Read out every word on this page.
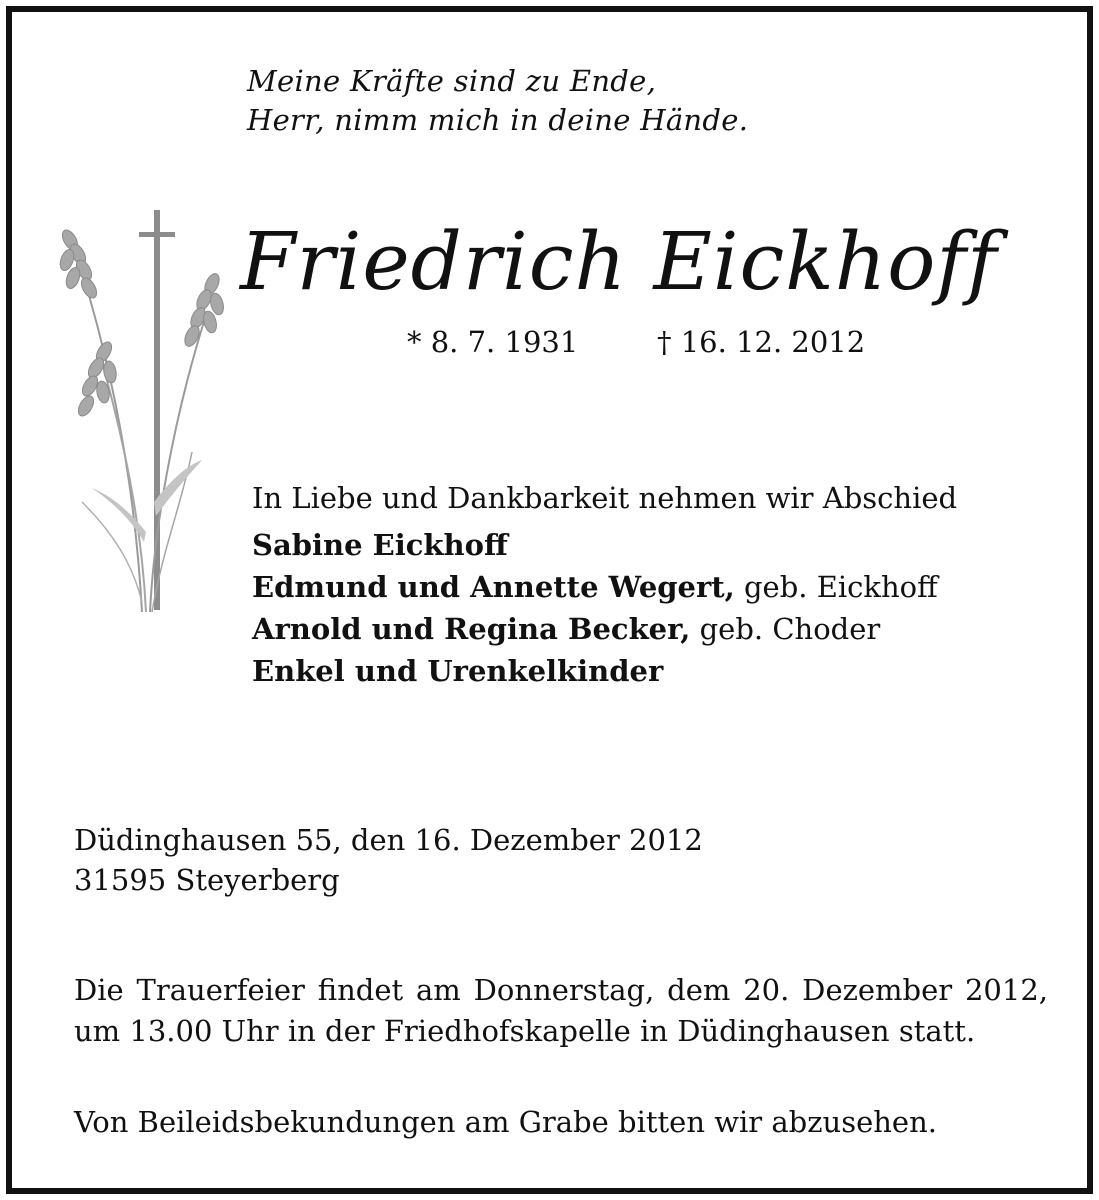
Meine Kräfte sind zu Ende,
Herr, nimm mich in deine Hände.
Friedrich Eickhoff
* 8. 7. 1931	† 16. 12. 2012
In Liebe und Dankbarkeit nehmen wir Abschied
Sabine Eickhoff
Edmund und Annette Wegert, geb. Eickhoff
Arnold und Regina Becker, geb. Choder
Enkel und Urenkelkinder
Düdinghausen 55, den 16. Dezember 2012
31595 Steyerberg
Die Trauerfeier findet am Donnerstag, dem 20. Dezember 2012, um 13.00 Uhr in der Friedhofskapelle in Düdinghausen statt.
Von Beileidsbekundungen am Grabe bitten wir abzusehen.
